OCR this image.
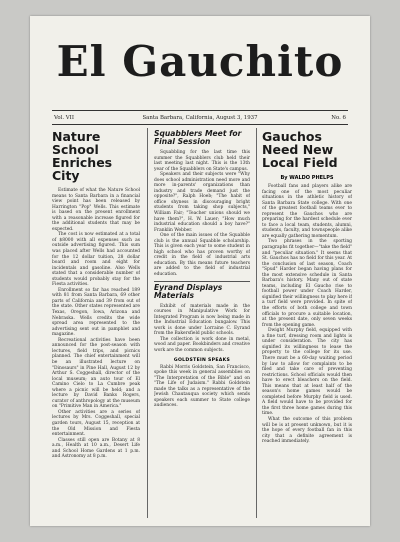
El Gauchito
Vol. VII	Santa Barbara, California, August 3, 1937	No. 6
Nature School Enriches City

Estimate of what the Nature School means to Santa Barbara in a financial view point has been released by Harrington "Pop" Wells. This estimate is based on the present enrollment with a reasonable increase figured for the additional students that may be expected.

The cost is now estimated at a total of $8000 with all expenses such as outside advertising figured. This sum was placed after Wells had accounted for the 12 dollar tuition, 28 dollar board and room and eight for incidentals and gasoline. Also Wells stated that a considerable number of students would probably stay for the Fiesta activities.

Enrollment so far has reached 189 with 81 from Santa Barbara, 69 other parts of California and 39 from out of the state. Other states represented are Texas, Oregon, Iowa, Arizona and Nebraska. Wells credits the wide spread area represented to the advertising sent out in pamphlet and magazine.

Recreational activities have been announced for the post-season with lectures, field trips, and picnics planned. The chief entertainment will be an illustrated lecture on "Dinosaurs" in Pine Hall, August 12 by Arthur S. Coggeshall, director of the local museum; an auto tour of El Camino Cielo to La Cumbre peak where a picnic will be held; and a lecture by David Banks Rogers, curator of anthropology at the museum on "Primitive Man in America."

Other activities are a series of lectures by Mrs. Coggeshall, special garden tours, August 15, reception at the Old Mission and Fiesta entertainment.

Classes still open are Botany at 8 a.m., Health at 10 a.m., Desert Life and School Home Gardens at 1 p.m. and Astronomy at 8 p.m.

Squabblers Meet for Final Session

Squabbling for the last time this summer the Squabblers club held their last meeting last night. This is the 13th year of the Squabblers on State's campus.

Speakers and their subjects were "Why does school administration need more and more in-parents' organizations than industry and trade demand just the opposite?", Ralph Hoeb; "The habit of office shyness in discouraging bright students from taking shop subjects," William Fair; "Teacher unions should we have them?", H. W. Lauer; "How much industrial education should a boy have?" Franklin Webber.

One of the main issues of the Squabble club is the annual Squabble scholarship. This is given each year to some student in high school who has proven worthy of credit in the field of industrial arts education. By this means future teachers are added to the field of industrial education.

Eyrand Displays Materials

Exhibit of materials made in the courses in Manipulative Work for Integrated Program is now being made in the Industrial Education bungalow. This work is done under Lorraine C. Eyrand from the Bakersfield public schools.

The collection is work done in metal, wood and paper. Bookbinders and creative work are the common subjects.

GOLDSTEIN SPEAKS

Rabbi Morris Goldstein, San Francisco, spoke this week in general assemblies on "The Interpretation of the Bible" and on "The Life of Judaism." Rabbi Goldstein made the talks as a representative of the Jewish Chautauqua society which sends speakers each summer to State college audiences.

Gauchos Need New Local Field
By WALDO PHELPS

Football fans and players alike are facing one of the most peculiar situations in the athletic history of Santa Barbara State college. With one of the greatest football teams ever to represent the Gauchos who are preparing for the hardest schedule ever to face a local team, students, alumni, students, faculty, and townspeople alike are equally gathering momentum.

Two phrases in the sporting paragraphs fit together—"take the field" and "peculiar situation." It seems that St. Gauchos has no field for this year. At the conclusion of last season, Coach "Spud" Harder began having plans for the most extensive schedule in Santa Barbara's history. Many out of state teams, including El Gaucho rise to football power under Coach Harder, signified their willingness to play here if a turf field were provided. In spite of the efforts of both college and town officials to procure a suitable location, at the present date, only seven weeks from the opening game.

Dwight Murphy field, equipped with a fine turf, dressing room and lights is under consideration. The city has signified its willingness to lease the property to the college for its use. There must be a 60-day waiting period by law to allow for complaints to be filed and take care of preventing restrictions. School officials would then have to erect bleachers on the field. This means that at least half of the season's home games would be completed before Murphy field is used. A field would have to be provided for the first three home games during this time.

What the outcome of this problem will be is at present unknown, but it is the hope of every football fan in this city that a definite agreement is reached immediately.
